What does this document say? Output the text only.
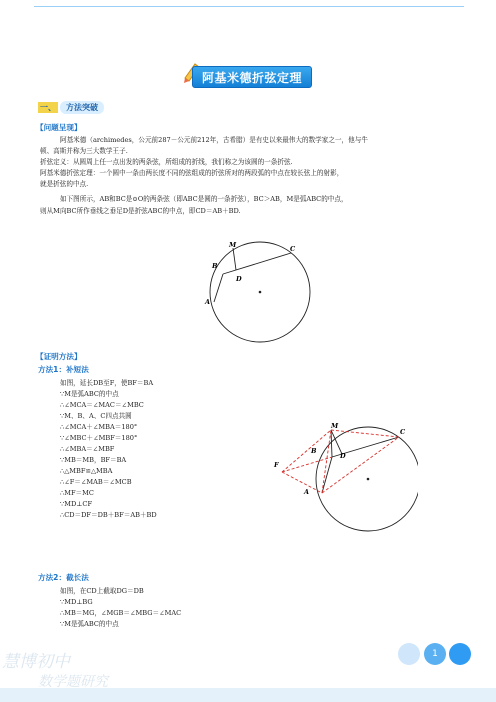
阿基米德折弦定理
一、	方法突破
【问题呈现】
阿基米德（archimedes，公元前287－公元前212年，古希腊）是有史以来最伟大的数学家之一，他与牛
顿、高斯并称为三大数学王子.
折弦定义：从圆周上任一点出发的两条弦，所组成的折线，我们称之为该圆的一条折弦.
阿基米德折弦定理：一个圆中一条由两长度不同的弦组成的折弦所对的两段弧的中点在较长弦上的射影，
就是折弦的中点.
如下图所示，AB和BC是⊙O的两条弦（即ABC是圆的一条折弦），BC＞AB，M是弧ABC的中点，
则从M向BC所作垂线之垂足D是折弦ABC的中点，即CD＝AB＋BD.
M	C
B
D
A
【证明方法】
方法1：补短法
如图，延长DB至F，使BF＝BA
∵M是弧ABC的中点
∴∠MCA＝∠MAC＝∠MBC
∵M、B、A、C四点共圆
∴∠MCA＋∠MBA＝180°
∵∠MBC＋∠MBF＝180°
∴∠MBA＝∠MBF
∵MB＝MB，BF＝BA
∴△MBF≌△MBA
∴∠F＝∠MAB＝∠MCB
∴MF＝MC
∵MD⊥CF
∴CD＝DF＝DB＋BF＝AB＋BD
M
C
B
D
A
F
方法2：截长法
如图，在CD上截取DG＝DB
∵MD⊥BG
∴MB＝MG，∠MGB＝∠MBG＝∠MAC
∵M是弧ABC的中点
慧博初中
数学题研究
1
